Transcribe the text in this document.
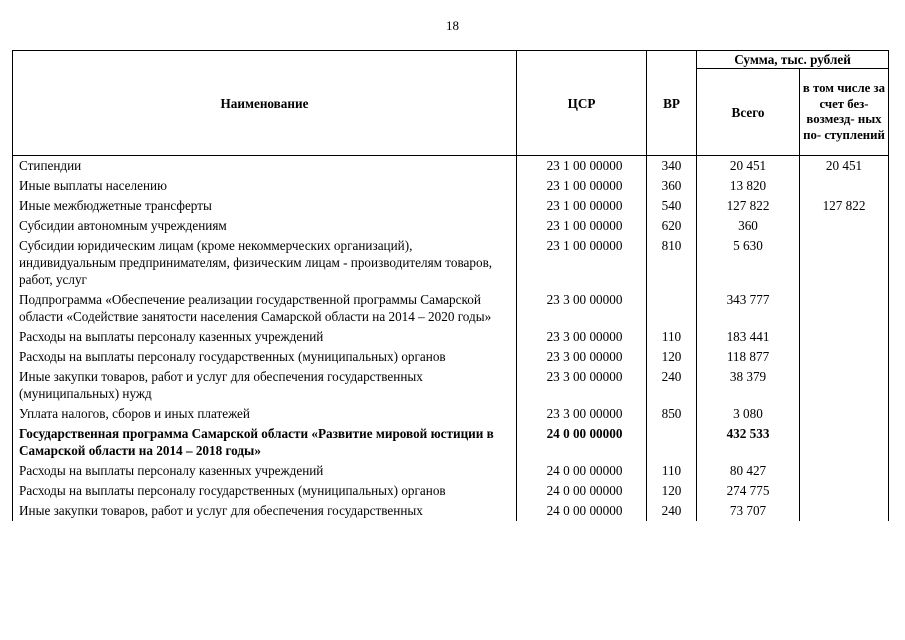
18
Наименование	ЦСР	ВР	Сумма, тыс. рублей	
			Всего	в том числе за счет без- возмезд- ных по- ступлений
Стипендии	23 1 00 00000	340	20 451	20 451
Иные выплаты населению	23 1 00 00000	360	13 820	
Иные межбюджетные трансферты	23 1 00 00000	540	127 822	127 822
Субсидии автономным учреждениям	23 1 00 00000	620	360	
Субсидии юридическим лицам (кроме некоммерческих организаций), индивидуальным предпринимателям, физическим лицам - производителям товаров, работ, услуг	23 1 00 00000	810	5 630	
Подпрограмма «Обеспечение реализации государственной программы Самарской области «Содействие занятости населения Самарской области на 2014 – 2020 годы»	23 3 00 00000		343 777	
Расходы на выплаты персоналу казенных учреждений	23 3 00 00000	110	183 441	
Расходы на выплаты персоналу государственных (муниципальных) органов	23 3 00 00000	120	118 877	
Иные закупки товаров, работ и услуг для обеспечения государственных (муниципальных) нужд	23 3 00 00000	240	38 379	
Уплата налогов, сборов и иных платежей	23 3 00 00000	850	3 080	
Государственная программа Самарской области «Развитие мировой юстиции в Самарской области на 2014 – 2018 годы»	24 0 00 00000		432 533	
Расходы на выплаты персоналу казенных учреждений	24 0 00 00000	110	80 427	
Расходы на выплаты персоналу государственных (муниципальных) органов	24 0 00 00000	120	274 775	
Иные закупки товаров, работ и услуг для обеспечения государственных	24 0 00 00000	240	73 707	
